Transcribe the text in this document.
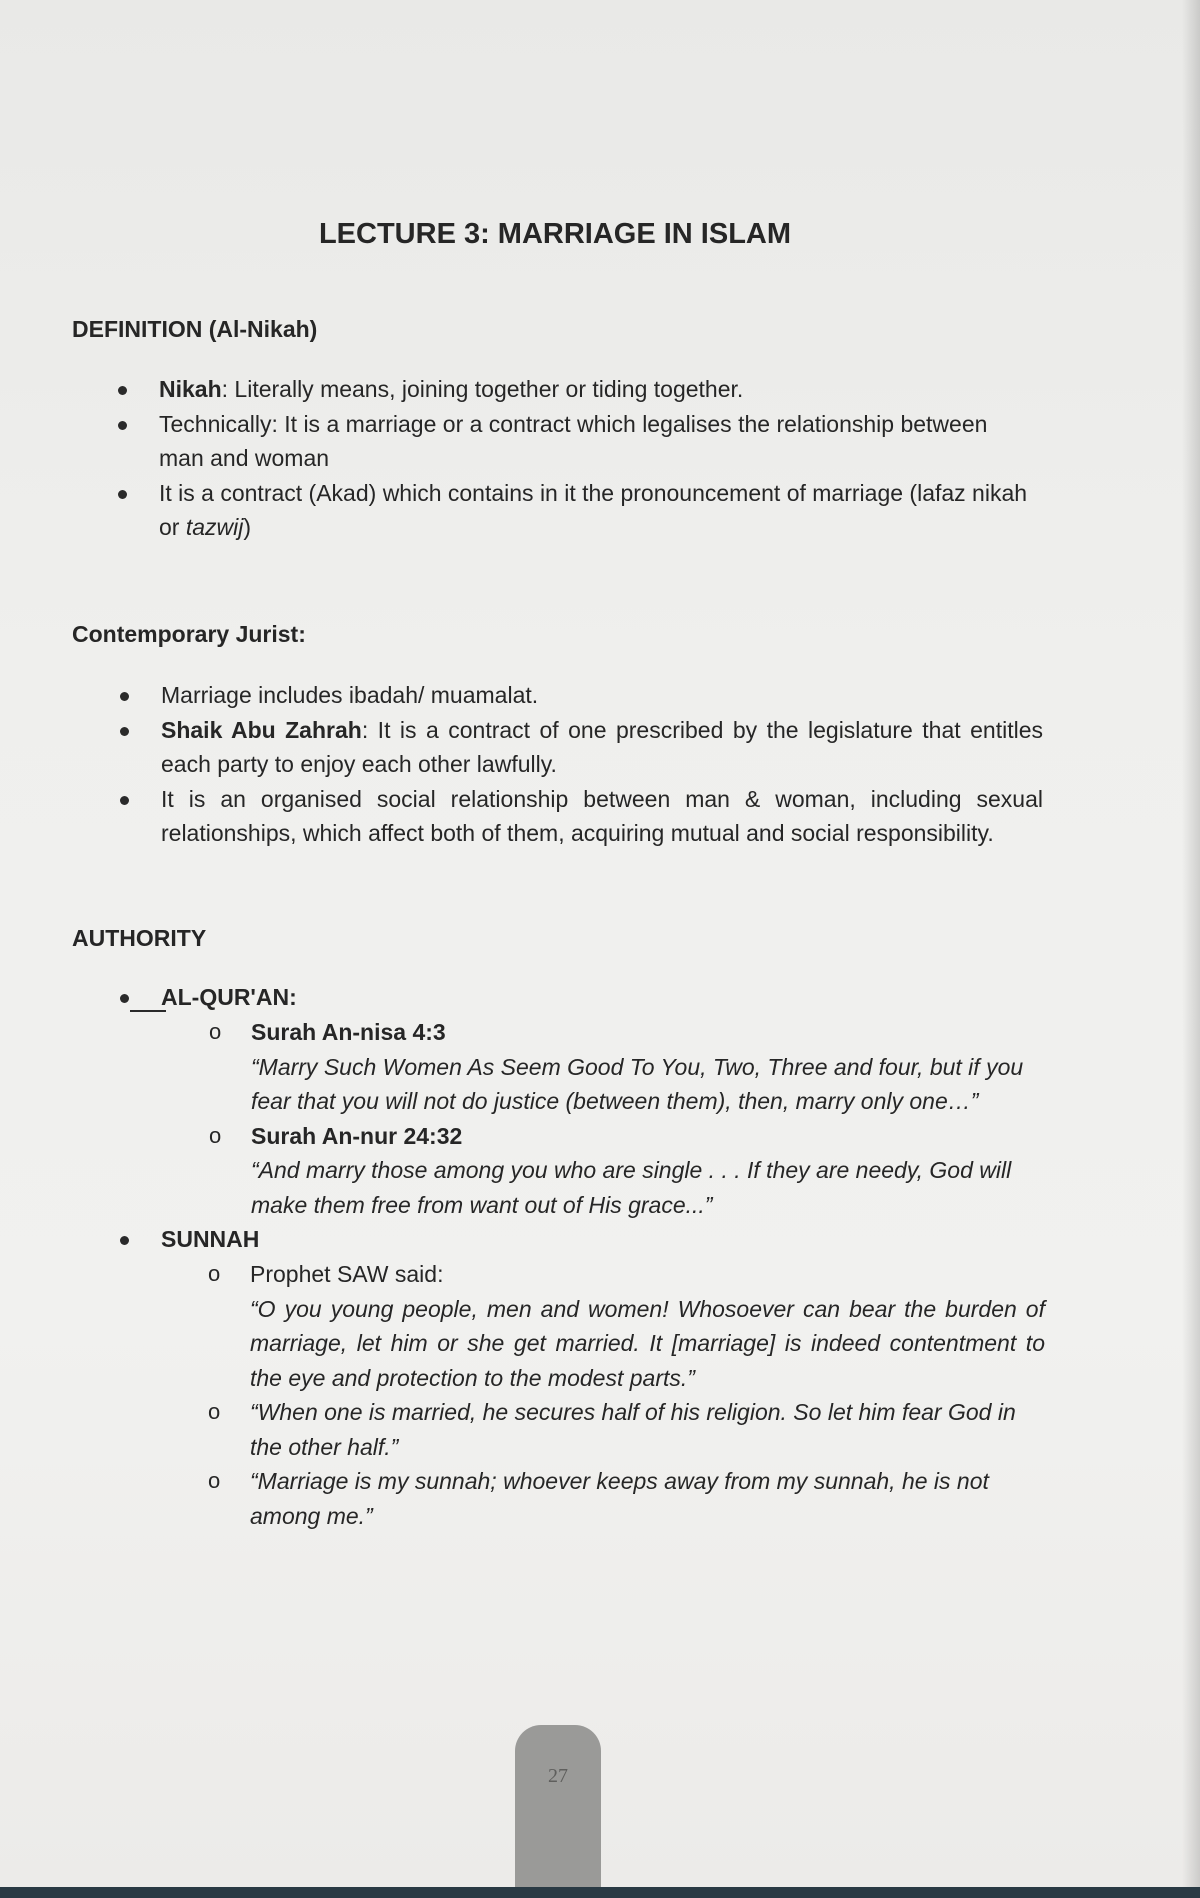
LECTURE 3: MARRIAGE IN ISLAM
DEFINITION (Al-Nikah)
Nikah: Literally means, joining together or tiding together.
Technically: It is a marriage or a contract which legalises the relationship between man and woman
It is a contract (Akad) which contains in it the pronouncement of marriage (lafaz nikah or tazwij)
Contemporary Jurist:
Marriage includes ibadah/ muamalat.
Shaik Abu Zahrah: It is a contract of one prescribed by the legislature that entitles each party to enjoy each other lawfully.
It is an organised social relationship between man & woman, including sexual relationships, which affect both of them, acquiring mutual and social responsibility.
AUTHORITY
AL-QUR'AN:
o Surah An-nisa 4:3
“Marry Such Women As Seem Good To You, Two, Three and four, but if you fear that you will not do justice (between them), then, marry only one…”
o Surah An-nur 24:32
“And marry those among you who are single . . . If they are needy, God will make them free from want out of His grace...”
SUNNAH
o Prophet SAW said:
“O you young people, men and women! Whosoever can bear the burden of marriage, let him or she get married. It [marriage] is indeed contentment to the eye and protection to the modest parts.”
o “When one is married, he secures half of his religion. So let him fear God in the other half.”
o “Marriage is my sunnah; whoever keeps away from my sunnah, he is not among me.”
27
